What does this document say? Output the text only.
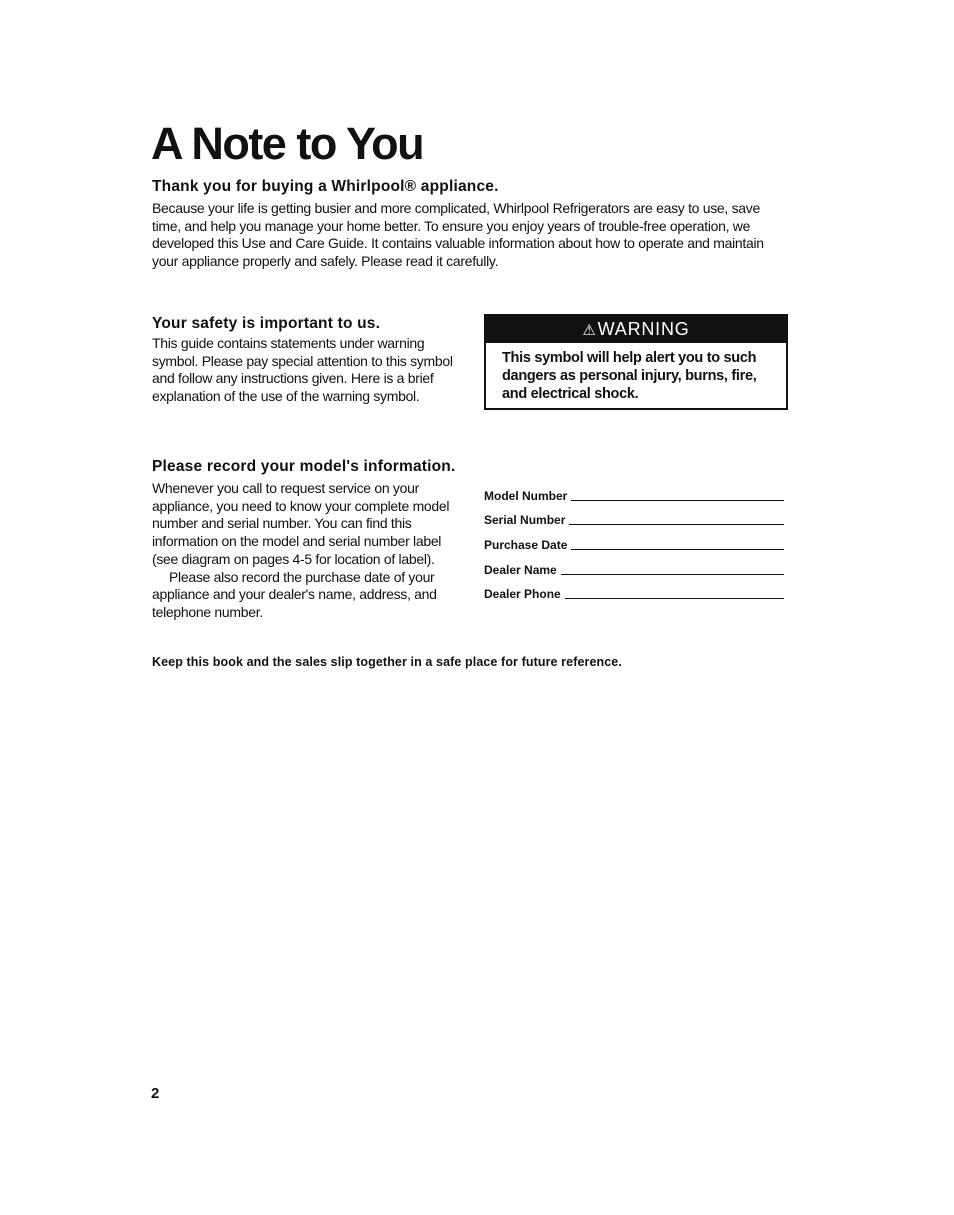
A Note to You

Thank you for buying a Whirlpool® appliance.

Because your life is getting busier and more complicated, Whirlpool Refrigerators are easy to use, save time, and help you manage your home better. To ensure you enjoy years of trouble-free operation, we developed this Use and Care Guide. It contains valuable information about how to operate and maintain your appliance properly and safely. Please read it carefully.

Your safety is important to us.

This guide contains statements under warning symbol. Please pay special attention to this symbol and follow any instructions given. Here is a brief explanation of the use of the warning symbol.

⚠WARNING
This symbol will help alert you to such dangers as personal injury, burns, fire, and electrical shock.

Please record your model's information.

Whenever you call to request service on your appliance, you need to know your complete model number and serial number. You can find this information on the model and serial number label (see diagram on pages 4-5 for location of label).
Please also record the purchase date of your appliance and your dealer's name, address, and telephone number.
Model Number
Serial Number
Purchase Date
Dealer Name
Dealer Phone

Keep this book and the sales slip together in a safe place for future reference.

2
